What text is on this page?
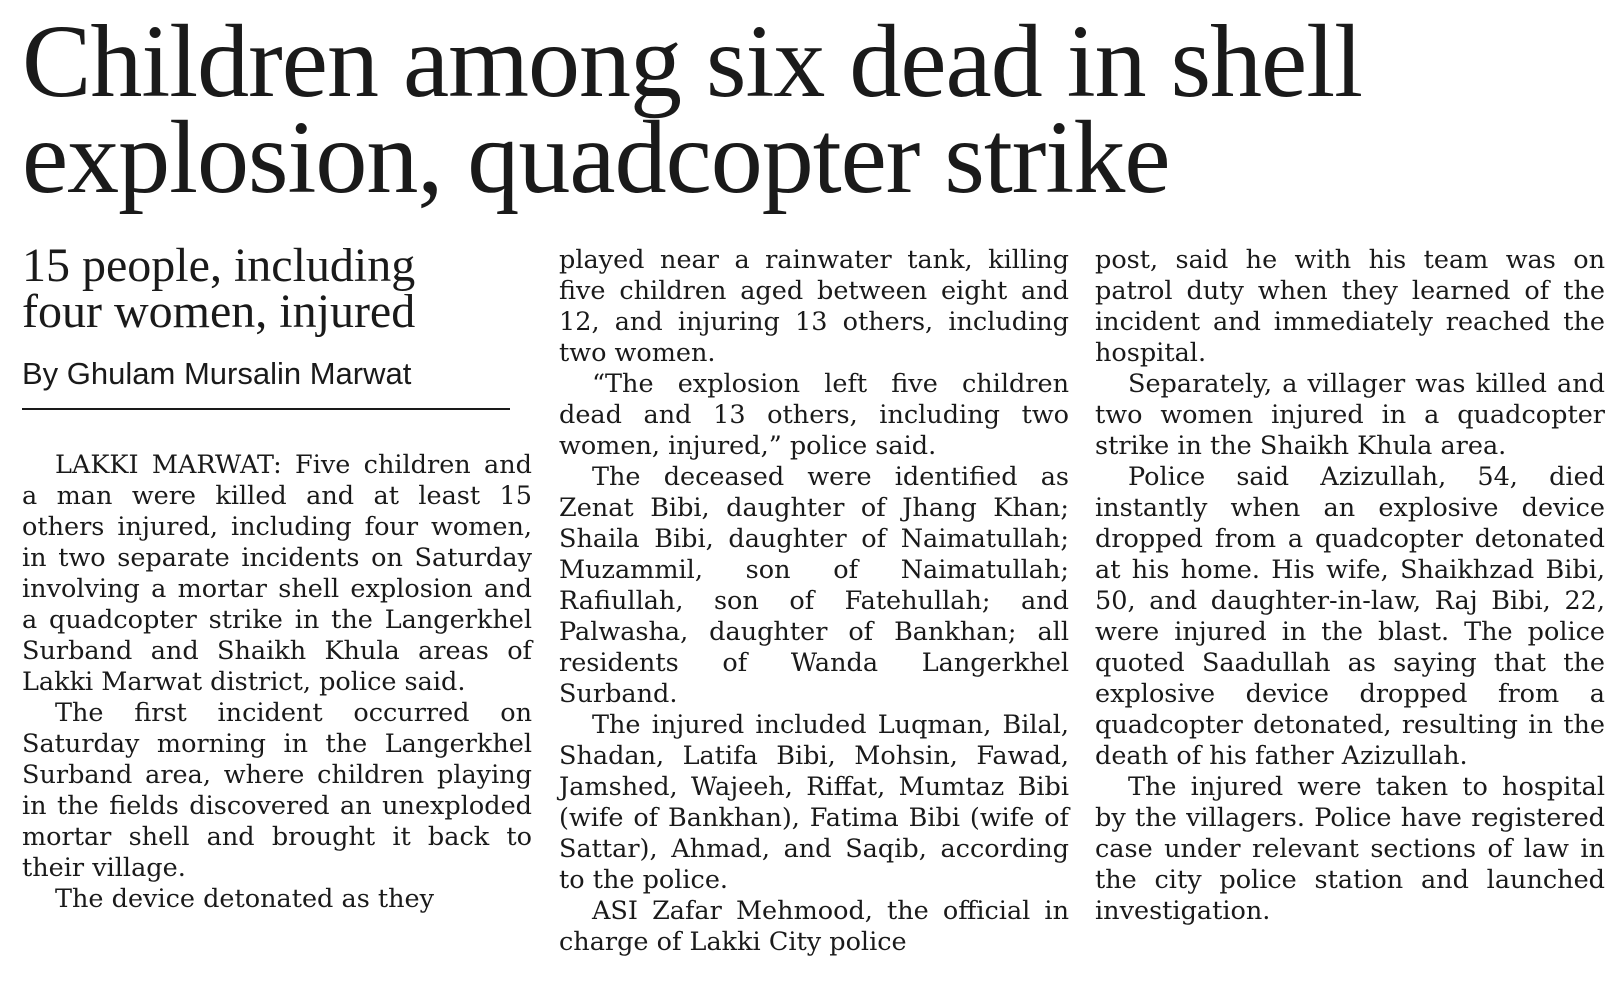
Children among six dead in shell
explosion, quadcopter strike
15 people, including
four women, injured
By Ghulam Mursalin Marwat

LAKKI MARWAT: Five children and a man were killed and at least 15 others injured, including four women, in two separate incidents on Saturday involving a mortar shell explosion and a quadcopter strike in the Langerkhel Surband and Shaikh Khula areas of Lakki Marwat district, police said.

The first incident occurred on Saturday morning in the Langerkhel Surband area, where children playing in the fields discovered an unexploded mortar shell and brought it back to their village.

The device detonated as they

played near a rainwater tank, killing five children aged between eight and 12, and injuring 13 others, including two women.

“The explosion left five children dead and 13 others, including two women, injured,” police said.

The deceased were identified as Zenat Bibi, daughter of Jhang Khan; Shaila Bibi, daughter of Naimatullah; Muzammil, son of Naimatullah; Rafiullah, son of Fatehullah; and Palwasha, daughter of Bankhan; all residents of Wanda Langerkhel Surband.

The injured included Luqman, Bilal, Shadan, Latifa Bibi, Mohsin, Fawad, Jamshed, Wajeeh, Riffat, Mumtaz Bibi (wife of Bankhan), Fatima Bibi (wife of Sattar), Ahmad, and Saqib, according to the police.

ASI Zafar Mehmood, the official in charge of Lakki City police

post, said he with his team was on patrol duty when they learned of the incident and immediately reached the hospital.

Separately, a villager was killed and two women injured in a quadcopter strike in the Shaikh Khula area.

Police said Azizullah, 54, died instantly when an explosive device dropped from a quadcopter detonated at his home. His wife, Shaikhzad Bibi, 50, and daughter-in-law, Raj Bibi, 22, were injured in the blast. The police quoted Saadullah as saying that the explosive device dropped from a quadcopter detonated, resulting in the death of his father Azizullah.

The injured were taken to hospital by the villagers. Police have registered case under relevant sections of law in the city police station and launched investigation.
